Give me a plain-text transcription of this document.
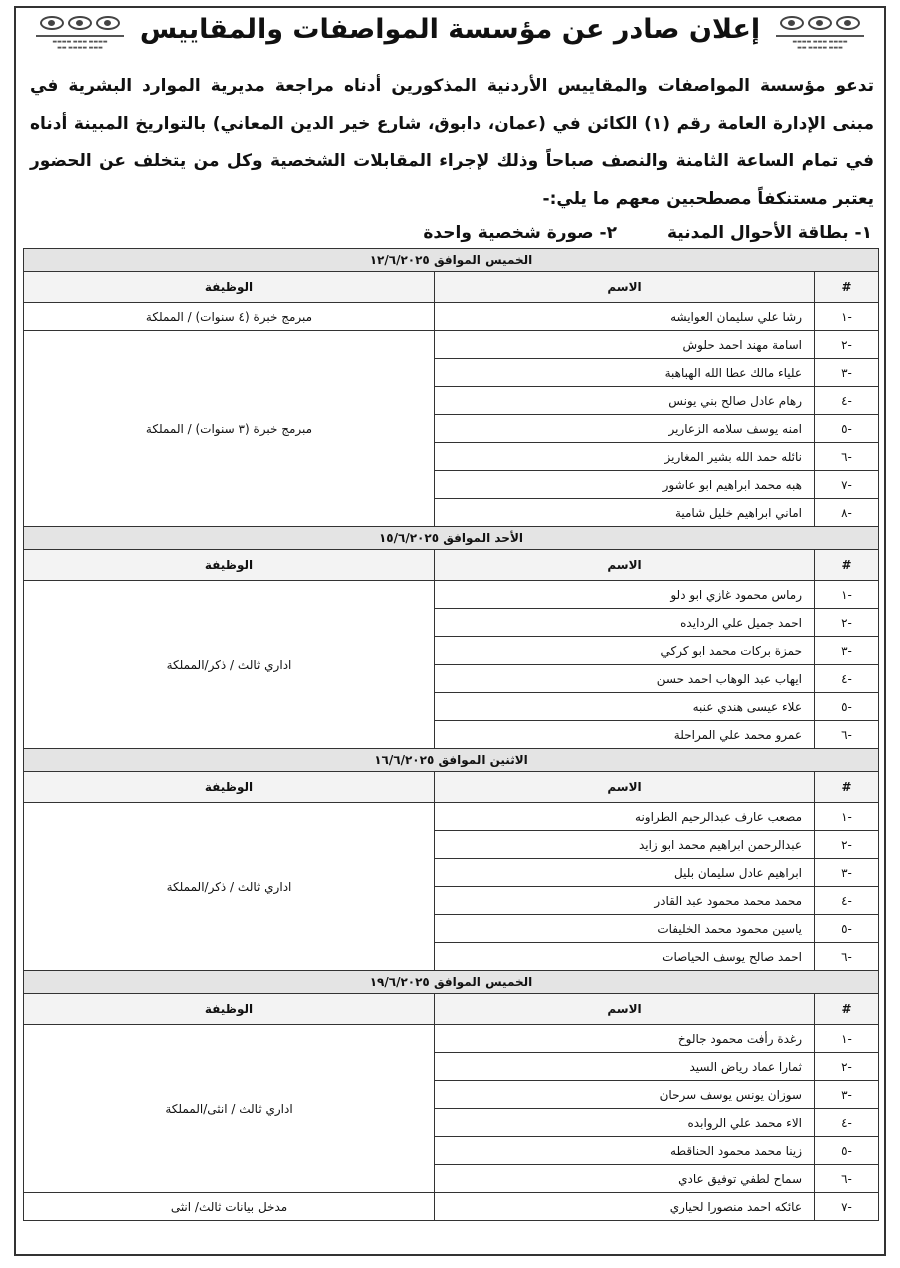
▬▬▬▬ ▬▬▬ ▬▬▬▬
▬▬▬ ▬▬▬▬ ▬▬
إعلان صادر عن مؤسسة المواصفات والمقاييس
▬▬▬▬ ▬▬▬ ▬▬▬▬
▬▬▬ ▬▬▬▬ ▬▬
تدعو مؤسسة المواصفات والمقاييس الأردنية المذكورين أدناه مراجعة مديرية الموارد البشرية في مبنى الإدارة العامة رقم (١) الكائن في (عمان، دابوق، شارع خير الدين المعاني) بالتواريخ المبينة أدناه في تمام الساعة الثامنة والنصف صباحاً وذلك لإجراء المقابلات الشخصية وكل من يتخلف عن الحضور يعتبر مستنكفاً مصطحبين معهم ما يلي:-
١- بطاقة الأحوال المدنية
٢- صورة شخصية واحدة
الخميس الموافق ١٢/٦/٢٠٢٥		
#	الاسم	الوظيفة
-١	رشا علي سليمان العوايشه	مبرمج خبرة (٤ سنوات) / المملكة
-٢	اسامة مهند احمد حلوش	مبرمج خبرة (٣ سنوات) / المملكة
-٣	علياء مالك عطا الله الهباهبة	
-٤	رهام عادل صالح بني يونس	
-٥	امنه يوسف سلامه الزعارير	
-٦	نائله حمد الله بشير المغاريز	
-٧	هبه محمد ابراهيم ابو عاشور	
-٨	اماني ابراهيم خليل شامية	
الأحد الموافق ١٥/٦/٢٠٢٥		
#	الاسم	الوظيفة
-١	رماس محمود غازي ابو دلو	اداري ثالث / ذكر/المملكة
-٢	احمد جميل علي الردايده	
-٣	حمزة بركات محمد ابو كركي	
-٤	ايهاب عبد الوهاب احمد حسن	
-٥	علاء عيسى هندي عنبه	
-٦	عمرو محمد علي المراحلة	
الاثنين الموافق ١٦/٦/٢٠٢٥		
#	الاسم	الوظيفة
-١	مصعب عارف عبدالرحيم الطراونه	اداري ثالث / ذكر/المملكة
-٢	عبدالرحمن ابراهيم محمد ابو زايد	
-٣	ابراهيم عادل سليمان بليل	
-٤	محمد محمد محمود عبد القادر	
-٥	ياسين محمود محمد الخليفات	
-٦	احمد صالح يوسف الحياصات	
الخميس الموافق ١٩/٦/٢٠٢٥		
#	الاسم	الوظيفة
-١	رغدة رأفت محمود جالوخ	اداري ثالث / انثى/المملكة
-٢	ثمارا عماد رياض السيد	
-٣	سوزان يونس يوسف سرحان	
-٤	الاء محمد علي الروابده	
-٥	زينا محمد محمود الحناقطه	
-٦	سماح لطفي توفيق عادي	
-٧	عائكه احمد منصورا لحياري	مدخل بيانات ثالث/ انثى
